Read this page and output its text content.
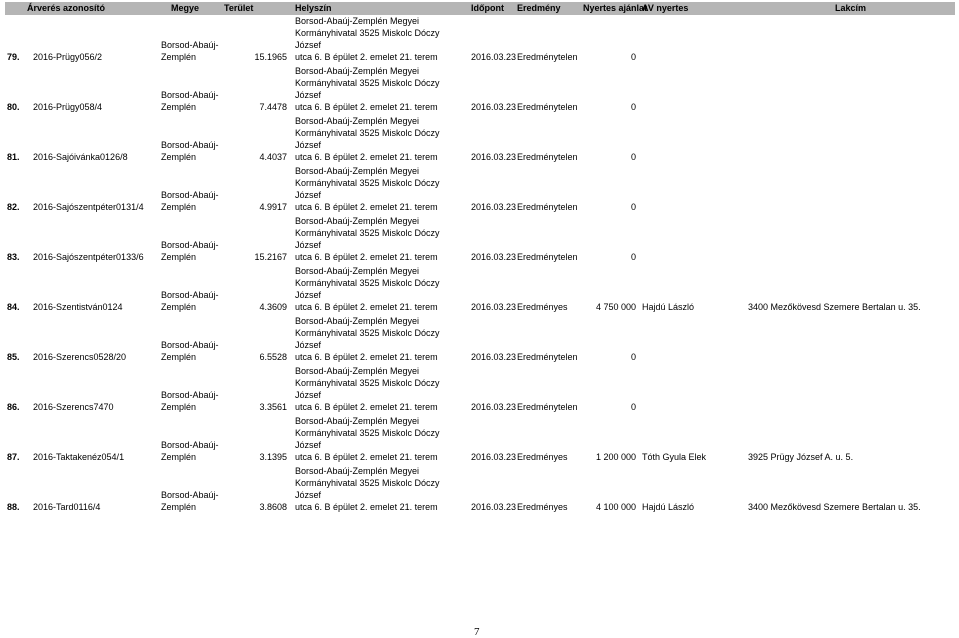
Árverés azonosító		Megye	Terület	Helyszín	Időpont	Eredmény	Nyertes ajánlat	AV nyertes	Lakcím
79.	2016-Prügy056/2	Borsod-Abaúj-Zemplén	15.1965	Borsod-Abaúj-Zemplén Megyei
Kormányhivatal 3525 Miskolc Dóczy József
utca 6. B épület 2. emelet 21. terem	2016.03.23	Eredménytelen	0		
80.	2016-Prügy058/4	Borsod-Abaúj-Zemplén	7.4478	Borsod-Abaúj-Zemplén Megyei
Kormányhivatal 3525 Miskolc Dóczy József
utca 6. B épület 2. emelet 21. terem	2016.03.23	Eredménytelen	0		
81.	2016-Sajóivánka0126/8	Borsod-Abaúj-Zemplén	4.4037	Borsod-Abaúj-Zemplén Megyei
Kormányhivatal 3525 Miskolc Dóczy József
utca 6. B épület 2. emelet 21. terem	2016.03.23	Eredménytelen	0		
82.	2016-Sajószentpéter0131/4	Borsod-Abaúj-Zemplén	4.9917	Borsod-Abaúj-Zemplén Megyei
Kormányhivatal 3525 Miskolc Dóczy József
utca 6. B épület 2. emelet 21. terem	2016.03.23	Eredménytelen	0		
83.	2016-Sajószentpéter0133/6	Borsod-Abaúj-Zemplén	15.2167	Borsod-Abaúj-Zemplén Megyei
Kormányhivatal 3525 Miskolc Dóczy József
utca 6. B épület 2. emelet 21. terem	2016.03.23	Eredménytelen	0		
84.	2016-Szentistván0124	Borsod-Abaúj-Zemplén	4.3609	Borsod-Abaúj-Zemplén Megyei
Kormányhivatal 3525 Miskolc Dóczy József
utca 6. B épület 2. emelet 21. terem	2016.03.23	Eredményes	4 750 000	Hajdú László	3400 Mezőkövesd Szemere Bertalan u. 35.
85.	2016-Szerencs0528/20	Borsod-Abaúj-Zemplén	6.5528	Borsod-Abaúj-Zemplén Megyei
Kormányhivatal 3525 Miskolc Dóczy József
utca 6. B épület 2. emelet 21. terem	2016.03.23	Eredménytelen	0		
86.	2016-Szerencs7470	Borsod-Abaúj-Zemplén	3.3561	Borsod-Abaúj-Zemplén Megyei
Kormányhivatal 3525 Miskolc Dóczy József
utca 6. B épület 2. emelet 21. terem	2016.03.23	Eredménytelen	0		
87.	2016-Taktakenéz054/1	Borsod-Abaúj-Zemplén	3.1395	Borsod-Abaúj-Zemplén Megyei
Kormányhivatal 3525 Miskolc Dóczy József
utca 6. B épület 2. emelet 21. terem	2016.03.23	Eredményes	1 200 000	Tóth Gyula Elek	3925 Prügy József A. u. 5.
88.	2016-Tard0116/4	Borsod-Abaúj-Zemplén	3.8608	Borsod-Abaúj-Zemplén Megyei
Kormányhivatal 3525 Miskolc Dóczy József
utca 6. B épület 2. emelet 21. terem	2016.03.23	Eredményes	4 100 000	Hajdú László	3400 Mezőkövesd Szemere Bertalan u. 35.
7
